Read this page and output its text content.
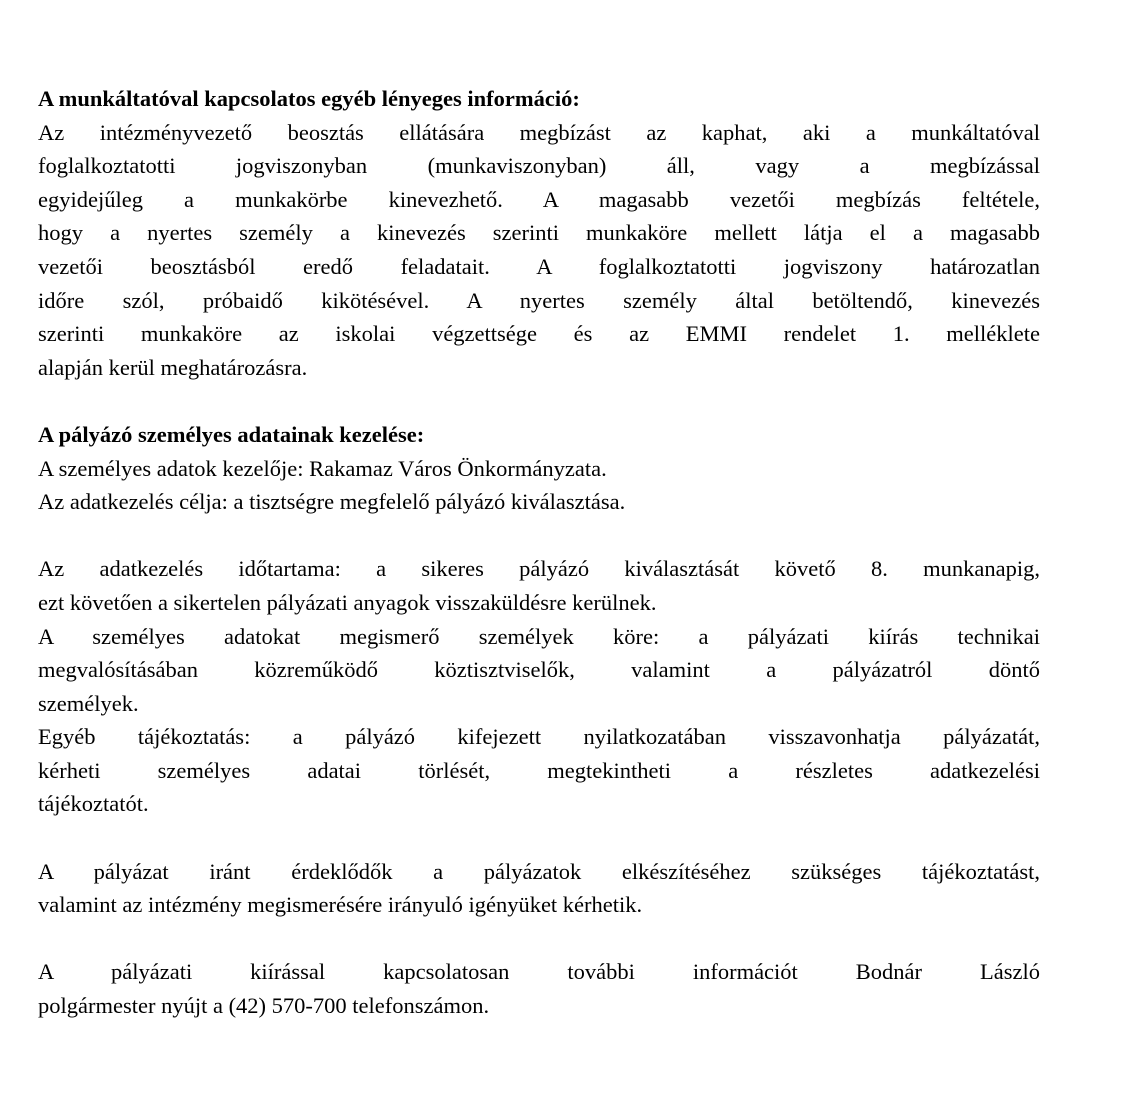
A munkáltatóval kapcsolatos egyéb lényeges információ:
Az intézményvezető beosztás ellátására megbízást az kaphat, aki a munkáltatóval
foglalkoztatotti jogviszonyban (munkaviszonyban) áll, vagy a megbízással
egyidejűleg a munkakörbe kinevezhető. A magasabb vezetői megbízás feltétele,
hogy a nyertes személy a kinevezés szerinti munkaköre mellett látja el a magasabb
vezetői beosztásból eredő feladatait. A foglalkoztatotti jogviszony határozatlan
időre szól, próbaidő kikötésével. A nyertes személy által betöltendő, kinevezés
szerinti munkaköre az iskolai végzettsége és az EMMI rendelet 1. melléklete
alapján kerül meghatározásra.
A pályázó személyes adatainak kezelése:
A személyes adatok kezelője: Rakamaz Város Önkormányzata.
Az adatkezelés célja: a tisztségre megfelelő pályázó kiválasztása.
Az adatkezelés időtartama: a sikeres pályázó kiválasztását követő 8. munkanapig,
ezt követően a sikertelen pályázati anyagok visszaküldésre kerülnek.
A személyes adatokat megismerő személyek köre: a pályázati kiírás technikai
megvalósításában közreműködő köztisztviselők, valamint a pályázatról döntő
személyek.
Egyéb tájékoztatás: a pályázó kifejezett nyilatkozatában visszavonhatja pályázatát,
kérheti személyes adatai törlését, megtekintheti a részletes adatkezelési
tájékoztatót.
A pályázat iránt érdeklődők a pályázatok elkészítéséhez szükséges tájékoztatást,
valamint az intézmény megismerésére irányuló igényüket kérhetik.
A pályázati kiírással kapcsolatosan további információt Bodnár László
polgármester nyújt a (42) 570-700 telefonszámon.
